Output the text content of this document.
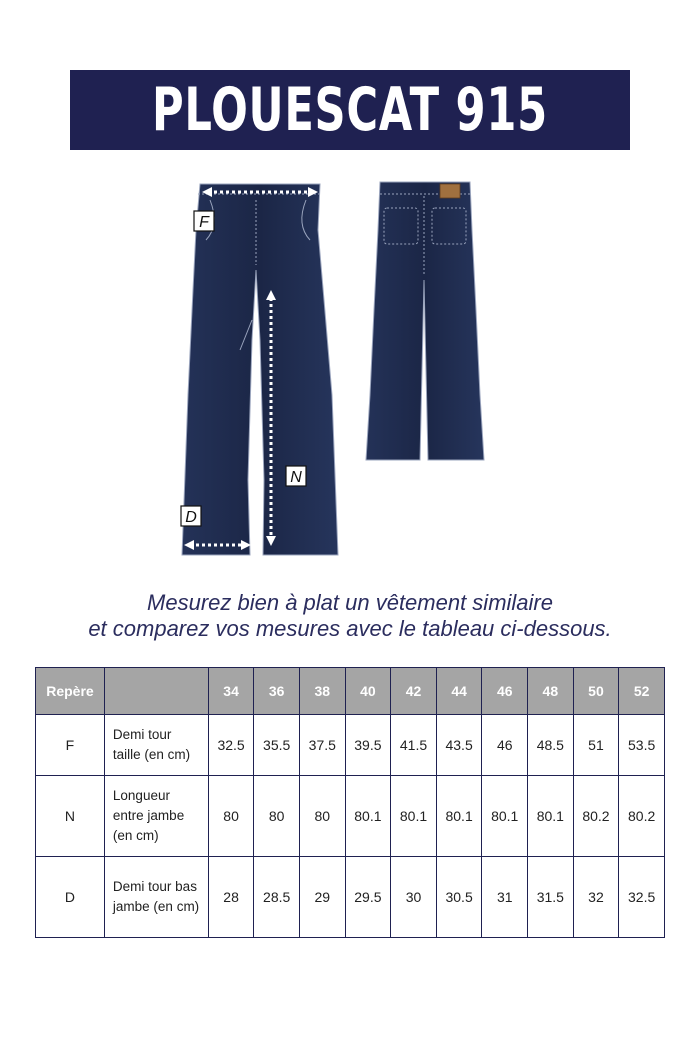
PLOUESCAT 915
F
N
D
Mesurez bien à plat un vêtement similaire
et comparez vos mesures avec le tableau ci-dessous.
Repère		34	36	38	40	42	44	46	48	50	52
F	Demi tour taille (en cm)	32.5	35.5	37.5	39.5	41.5	43.5	46	48.5	51	53.5
N	Longueur entre jambe (en cm)	80	80	80	80.1	80.1	80.1	80.1	80.1	80.2	80.2
D	Demi tour bas jambe (en cm)	28	28.5	29	29.5	30	30.5	31	31.5	32	32.5
